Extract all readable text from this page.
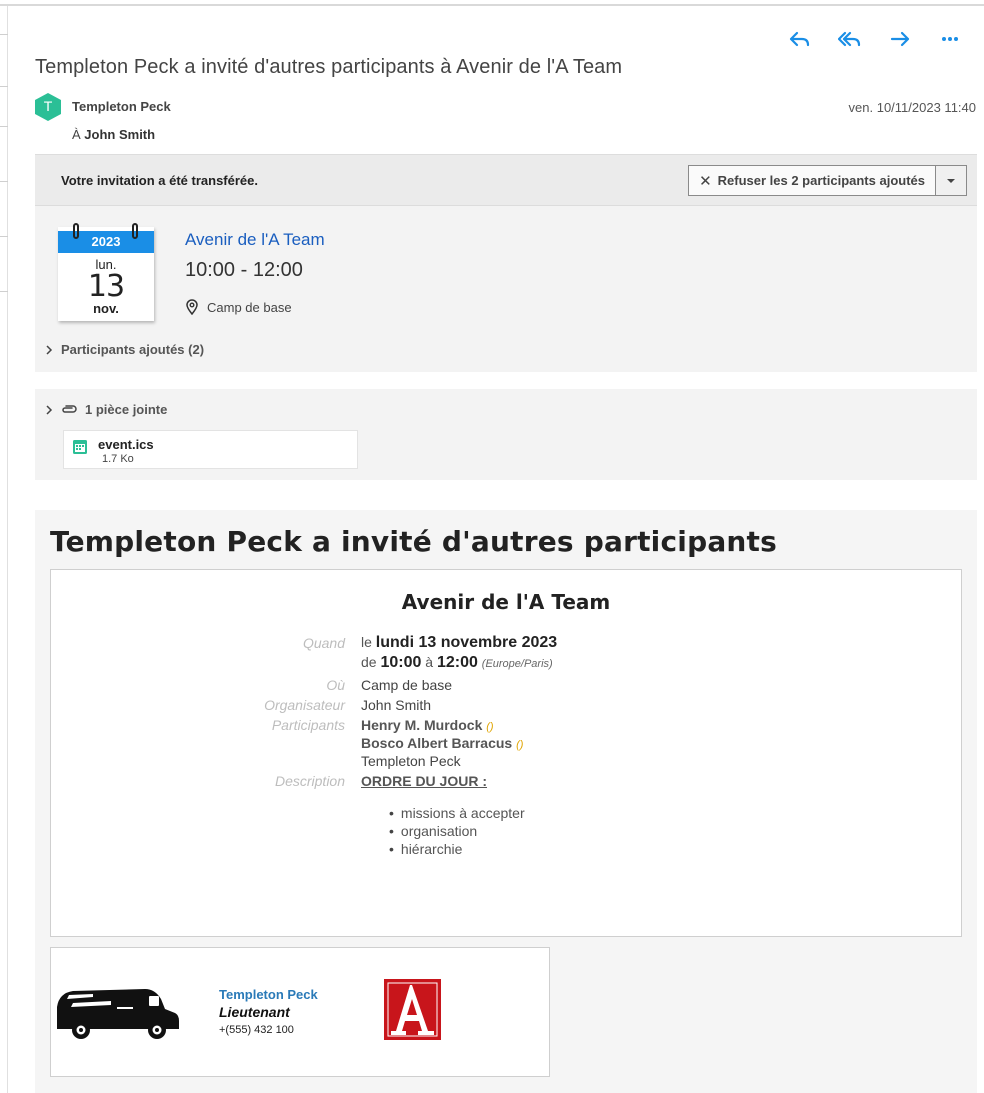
Templeton Peck a invité d'autres participants à Avenir de l'A Team
T	Templeton Peck
À John Smith
ven. 10/11/2023 11:40
Votre invitation a été transférée.	✕ Refuser les 2 participants ajoutés
2023
lun.
13
nov.
Avenir de l'A Team
10:00 - 12:00
Camp de base
Participants ajoutés (2)
1 pièce jointe
event.ics
1.7 Ko
Templeton Peck a invité d'autres participants
Avenir de l'A Team
Quand le lundi 13 novembre 2023
de 10:00 à 12:00 (Europe/Paris)
Où Camp de base
Organisateur John Smith
Participants Henry M. Murdock ()
Bosco Albert Barracus ()
Templeton Peck
Description ORDRE DU JOUR :
• missions à accepter
• organisation
• hiérarchie
Templeton Peck
Lieutenant
+(555) 432 100
